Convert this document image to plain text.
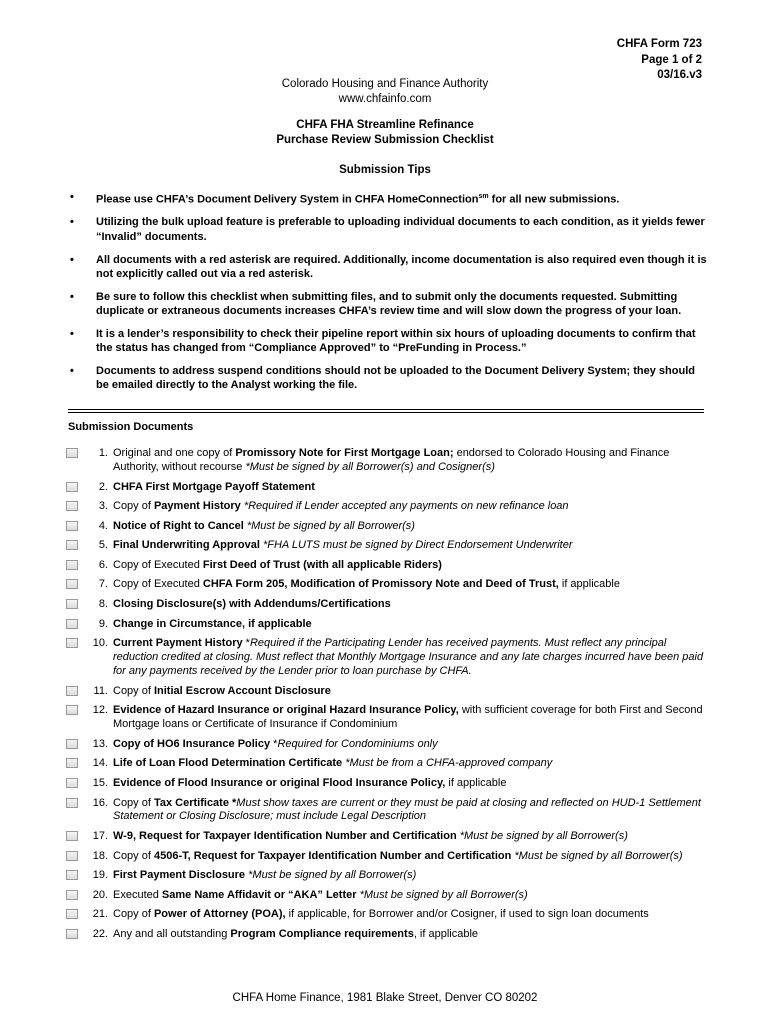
CHFA Form 723
Page 1 of 2
03/16.v3
Colorado Housing and Finance Authority
www.chfainfo.com
CHFA FHA Streamline Refinance
Purchase Review Submission Checklist
Submission Tips
•	Please use CHFA’s Document Delivery System in CHFA HomeConnection$^{sm}$ for all new submissions.
•	Utilizing the bulk upload feature is preferable to uploading individual documents to each condition, as it yields fewer “Invalid” documents.
•	All documents with a red asterisk are required. Additionally, income documentation is also required even though it is not explicitly called out via a red asterisk.
•	Be sure to follow this checklist when submitting files, and to submit only the documents requested. Submitting duplicate or extraneous documents increases CHFA’s review time and will slow down the progress of your loan.
•	It is a lender’s responsibility to check their pipeline report within six hours of uploading documents to confirm that the status has changed from “Compliance Approved” to “PreFunding in Process.”
•	Documents to address suspend conditions should not be uploaded to the Document Delivery System; they should be emailed directly to the Analyst working the file.
Submission Documents
1. Original and one copy of Promissory Note for First Mortgage Loan; endorsed to Colorado Housing and Finance Authority, without recourse *Must be signed by all Borrower(s) and Cosigner(s)
2. CHFA First Mortgage Payoff Statement
3. Copy of Payment History *Required if Lender accepted any payments on new refinance loan
4. Notice of Right to Cancel *Must be signed by all Borrower(s)
5. Final Underwriting Approval *FHA LUTS must be signed by Direct Endorsement Underwriter
6. Copy of Executed First Deed of Trust (with all applicable Riders)
7. Copy of Executed CHFA Form 205, Modification of Promissory Note and Deed of Trust, if applicable
8. Closing Disclosure(s) with Addendums/Certifications
9. Change in Circumstance, if applicable
10. Current Payment History *Required if the Participating Lender has received payments. Must reflect any principal reduction credited at closing. Must reflect that Monthly Mortgage Insurance and any late charges incurred have been paid for any payments received by the Lender prior to loan purchase by CHFA.
11. Copy of Initial Escrow Account Disclosure
12. Evidence of Hazard Insurance or original Hazard Insurance Policy, with sufficient coverage for both First and Second Mortgage loans or Certificate of Insurance if Condominium
13. Copy of HO6 Insurance Policy *Required for Condominiums only
14. Life of Loan Flood Determination Certificate *Must be from a CHFA-approved company
15. Evidence of Flood Insurance or original Flood Insurance Policy, if applicable
16. Copy of Tax Certificate *Must show taxes are current or they must be paid at closing and reflected on HUD-1 Settlement Statement or Closing Disclosure; must include Legal Description
17. W-9, Request for Taxpayer Identification Number and Certification *Must be signed by all Borrower(s)
18. Copy of 4506-T, Request for Taxpayer Identification Number and Certification *Must be signed by all Borrower(s)
19. First Payment Disclosure *Must be signed by all Borrower(s)
20. Executed Same Name Affidavit or “AKA” Letter *Must be signed by all Borrower(s)
21. Copy of Power of Attorney (POA), if applicable, for Borrower and/or Cosigner, if used to sign loan documents
22. Any and all outstanding Program Compliance requirements, if applicable
CHFA Home Finance, 1981 Blake Street, Denver CO 80202
